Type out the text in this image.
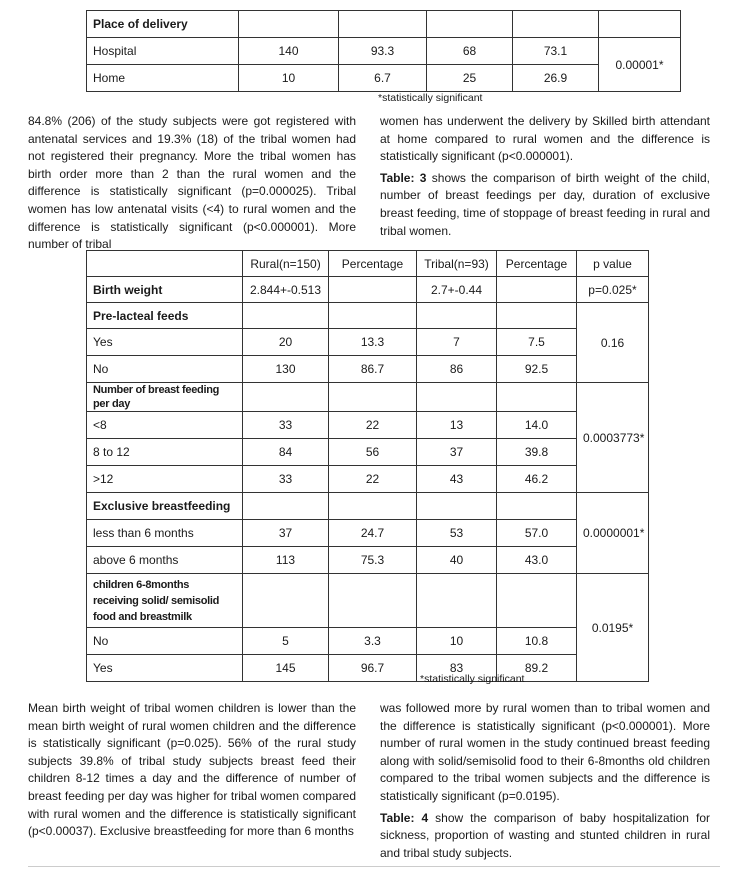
Place of delivery					
Hospital	140	93.3	68	73.1	0.00001*
Home	10	6.7	25	26.9	
*statistically significant

84.8% (206) of the study subjects were got registered with antenatal services and 19.3% (18) of the tribal women had not registered their pregnancy. More the tribal women has birth order more than 2 than the rural women and the difference is statistically significant (p=0.000025). Tribal women has low antenatal visits (<4) to rural women and the difference is statistically significant (p<0.000001). More number of tribal

women has underwent the delivery by Skilled birth attendant at home compared to rural women and the difference is statistically significant (p<0.000001).

Table: 3 shows the comparison of birth weight of the child, number of breast feedings per day, duration of exclusive breast feeding, time of stoppage of breast feeding in rural and tribal women.

	Rural(n=150)	Percentage	Tribal(n=93)	Percentage	p value
Birth weight	2.844+-0.513		2.7+-0.44		p=0.025*
Pre-lacteal feeds					0.16
Yes	20	13.3	7	7.5	
No	130	86.7	86	92.5	
Number of breast feeding per day					0.0003773*
<8	33	22	13	14.0	
8 to 12	84	56	37	39.8	
>12	33	22	43	46.2	
Exclusive breastfeeding					0.0000001*
less than 6 months	37	24.7	53	57.0	
above 6 months	113	75.3	40	43.0	
children 6-8months receiving solid/ semisolid food and breastmilk					0.0195*
No	5	3.3	10	10.8	
Yes	145	96.7	83	89.2	
*statistically significant

Mean birth weight of tribal women children is lower than the mean birth weight of rural women children and the difference is statistically significant (p=0.025). 56% of the rural study subjects 39.8% of tribal study subjects breast feed their children 8-12 times a day and the difference of number of breast feeding per day was higher for tribal women compared with rural women and the difference is statistically significant (p<0.00037). Exclusive breastfeeding for more than 6 months

was followed more by rural women than to tribal women and the difference is statistically significant (p<0.000001). More number of rural women in the study continued breast feeding along with solid/semisolid food to their 6-8months old children compared to the tribal women subjects and the difference is statistically significant (p=0.0195).

Table: 4 show the comparison of baby hospitalization for sickness, proportion of wasting and stunted children in rural and tribal study subjects.
